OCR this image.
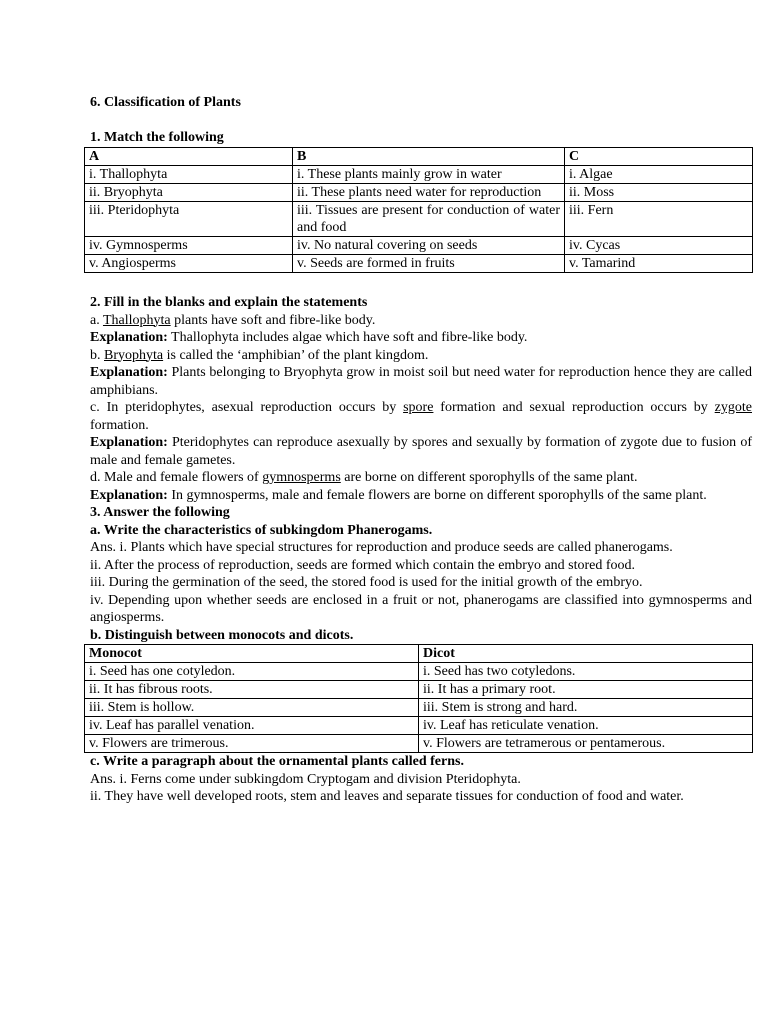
6. Classification of Plants
1. Match the following
A	B	C
i. Thallophyta	i. These plants mainly grow in water	i. Algae
ii. Bryophyta	ii. These plants need water for reproduction	ii. Moss
iii. Pteridophyta	iii. Tissues are present for conduction of water and food	iii. Fern
iv. Gymnosperms	iv. No natural covering on seeds	iv. Cycas
v. Angiosperms	v. Seeds are formed in fruits	v. Tamarind
2. Fill in the blanks and explain the statements
a. Thallophyta plants have soft and fibre-like body.
Explanation: Thallophyta includes algae which have soft and fibre-like body.
b. Bryophyta is called the ‘amphibian’ of the plant kingdom.
Explanation: Plants belonging to Bryophyta grow in moist soil but need water for reproduction hence they are called amphibians.
c. In pteridophytes, asexual reproduction occurs by spore formation and sexual reproduction occurs by zygote formation.
Explanation: Pteridophytes can reproduce asexually by spores and sexually by formation of zygote due to fusion of male and female gametes.
d. Male and female flowers of gymnosperms are borne on different sporophylls of the same plant.
Explanation: In gymnosperms, male and female flowers are borne on different sporophylls of the same plant.
3. Answer the following
a. Write the characteristics of subkingdom Phanerogams.
Ans. i. Plants which have special structures for reproduction and produce seeds are called phanerogams.
ii. After the process of reproduction, seeds are formed which contain the embryo and stored food.
iii. During the germination of the seed, the stored food is used for the initial growth of the embryo.
iv. Depending upon whether seeds are enclosed in a fruit or not, phanerogams are classified into gymnosperms and angiosperms.
b. Distinguish between monocots and dicots.
Monocot	Dicot
i. Seed has one cotyledon.	i. Seed has two cotyledons.
ii. It has fibrous roots.	ii. It has a primary root.
iii. Stem is hollow.	iii. Stem is strong and hard.
iv. Leaf has parallel venation.	iv. Leaf has reticulate venation.
v. Flowers are trimerous.	v. Flowers are tetramerous or pentamerous.
c. Write a paragraph about the ornamental plants called ferns.
Ans. i. Ferns come under subkingdom Cryptogam and division Pteridophyta.
ii. They have well developed roots, stem and leaves and separate tissues for conduction of food and water.
